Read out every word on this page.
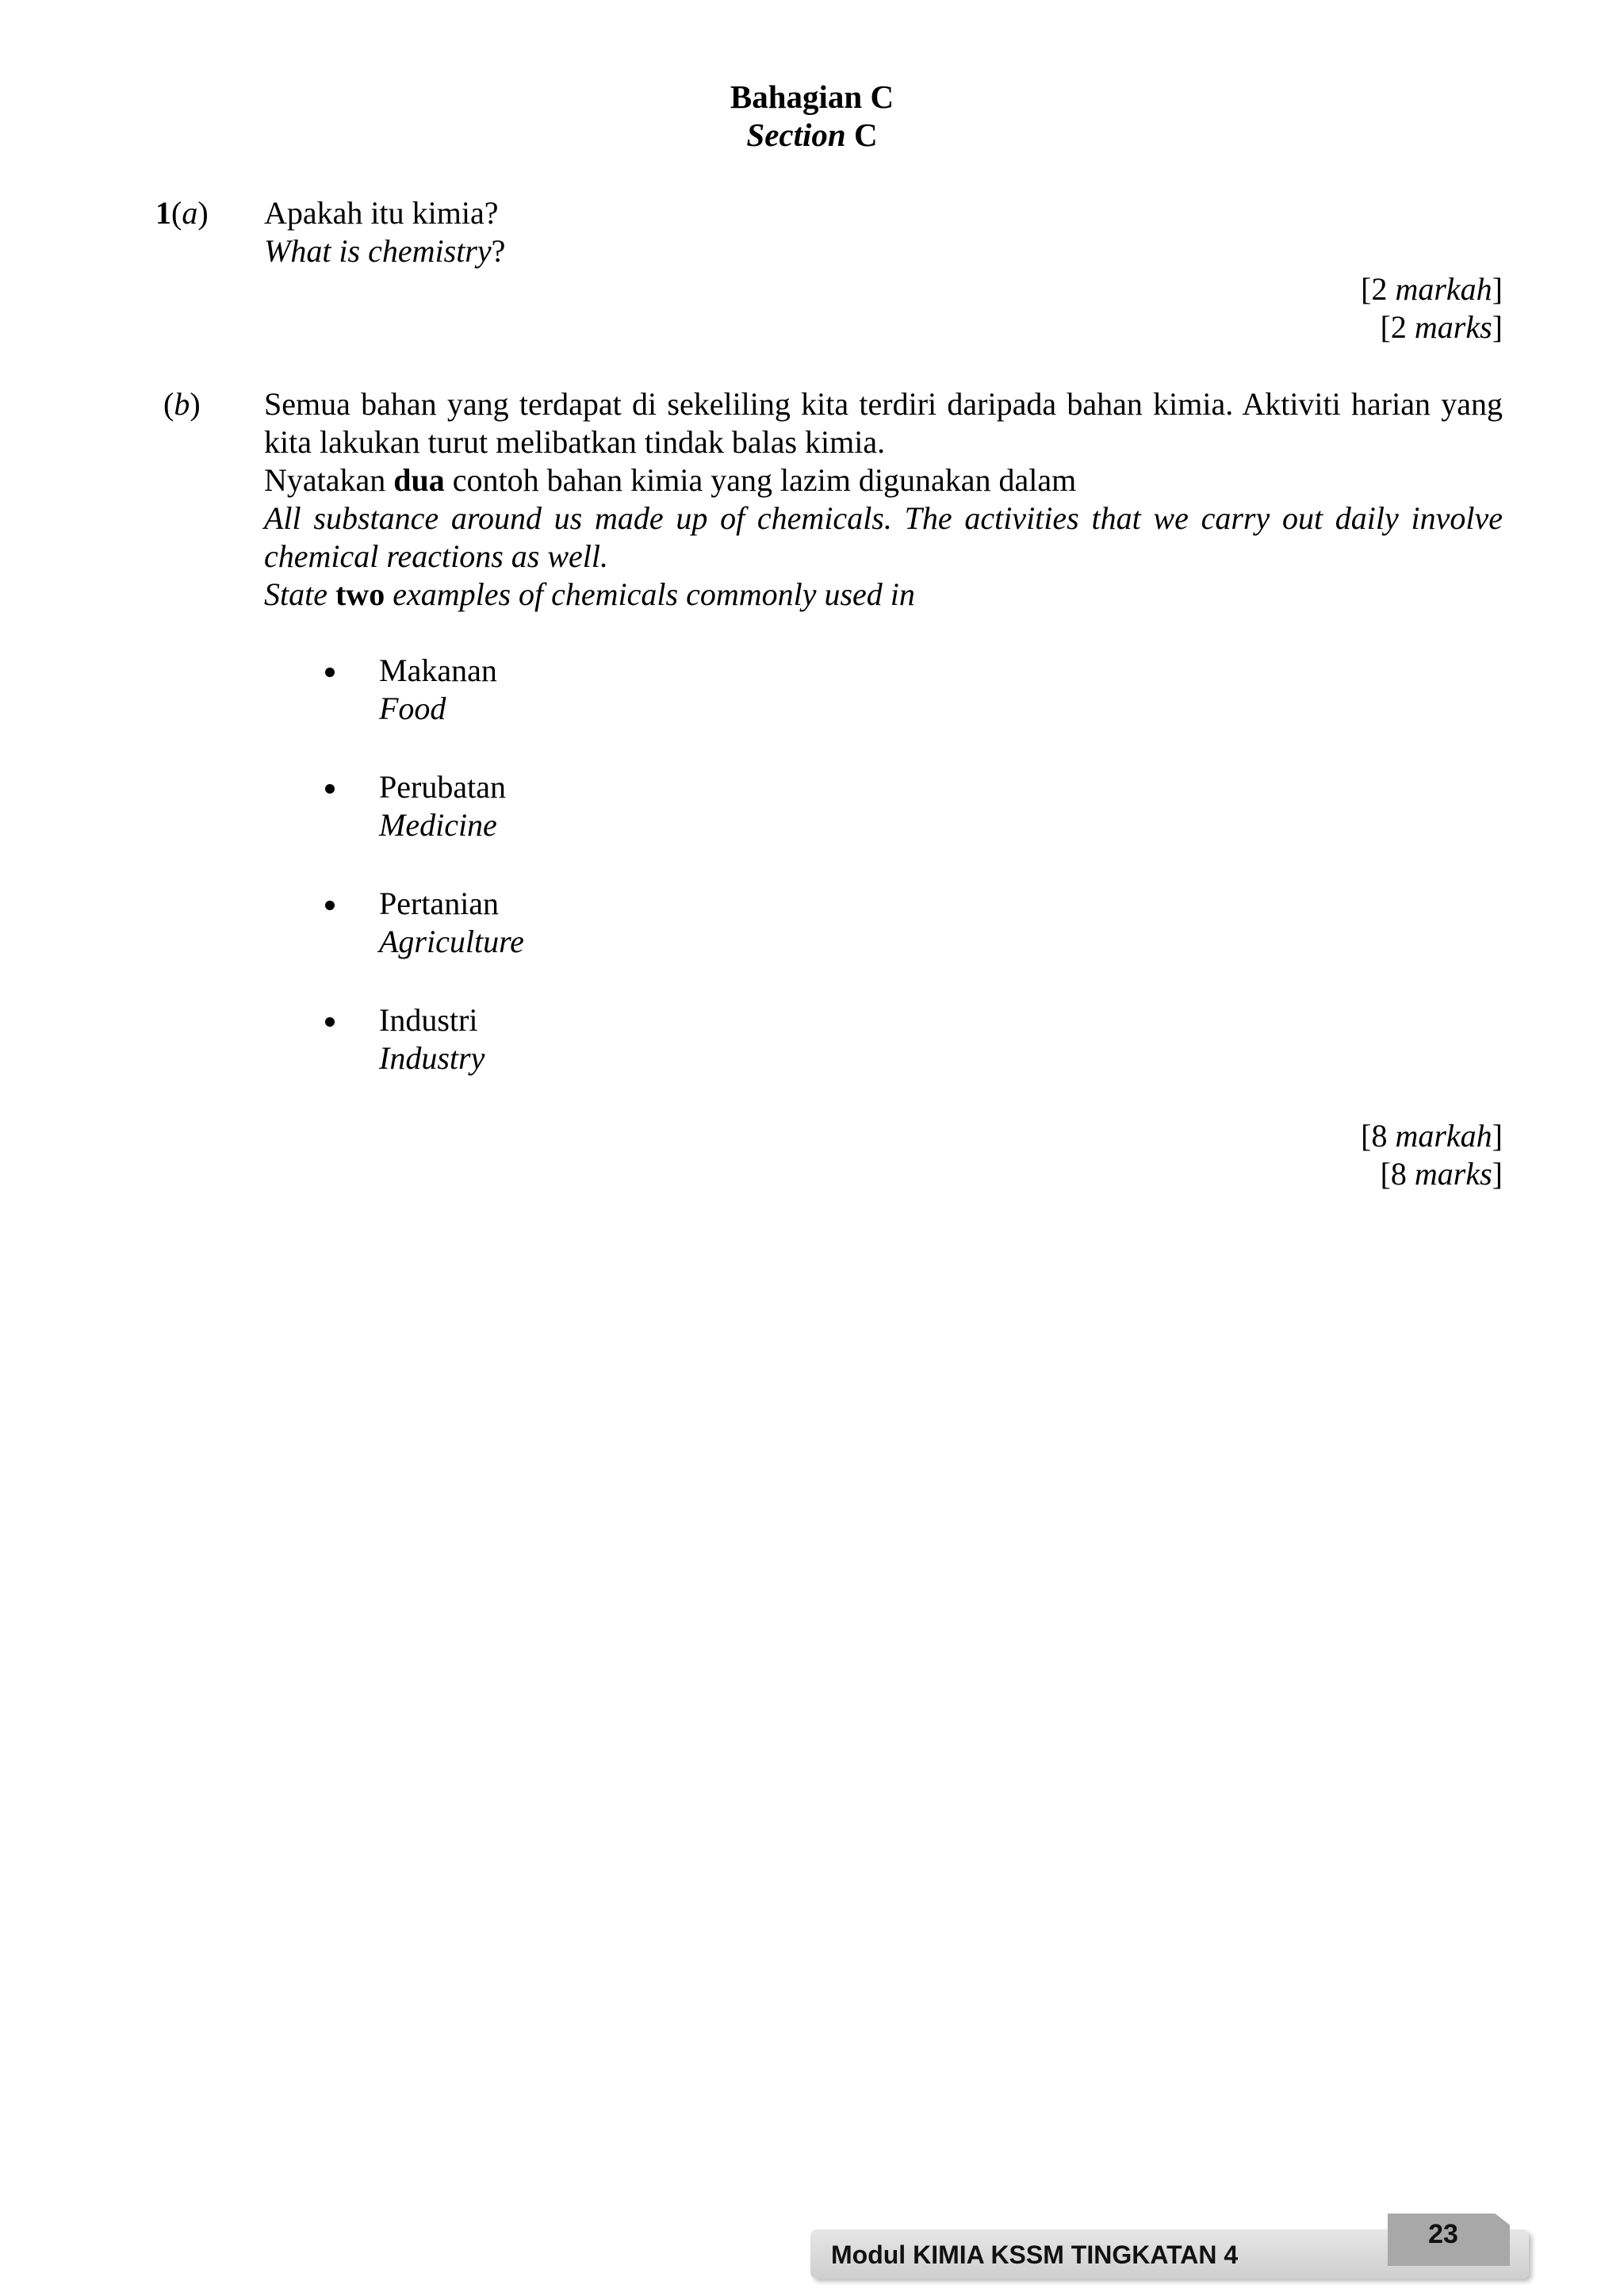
Bahagian C
Section C
1(a) Apakah itu kimia?
What is chemistry?
[2 markah]
[2 marks]
(b) Semua bahan yang terdapat di sekeliling kita terdiri daripada bahan kimia. Aktiviti harian yang kita lakukan turut melibatkan tindak balas kimia.
Nyatakan dua contoh bahan kimia yang lazim digunakan dalam
All substance around us made up of chemicals. The activities that we carry out daily involve chemical reactions as well.
State two examples of chemicals commonly used in
Makanan
Food
Perubatan
Medicine
Pertanian
Agriculture
Industri
Industry
[8 markah]
[8 marks]
23
Modul KIMIA KSSM TINGKATAN 4
